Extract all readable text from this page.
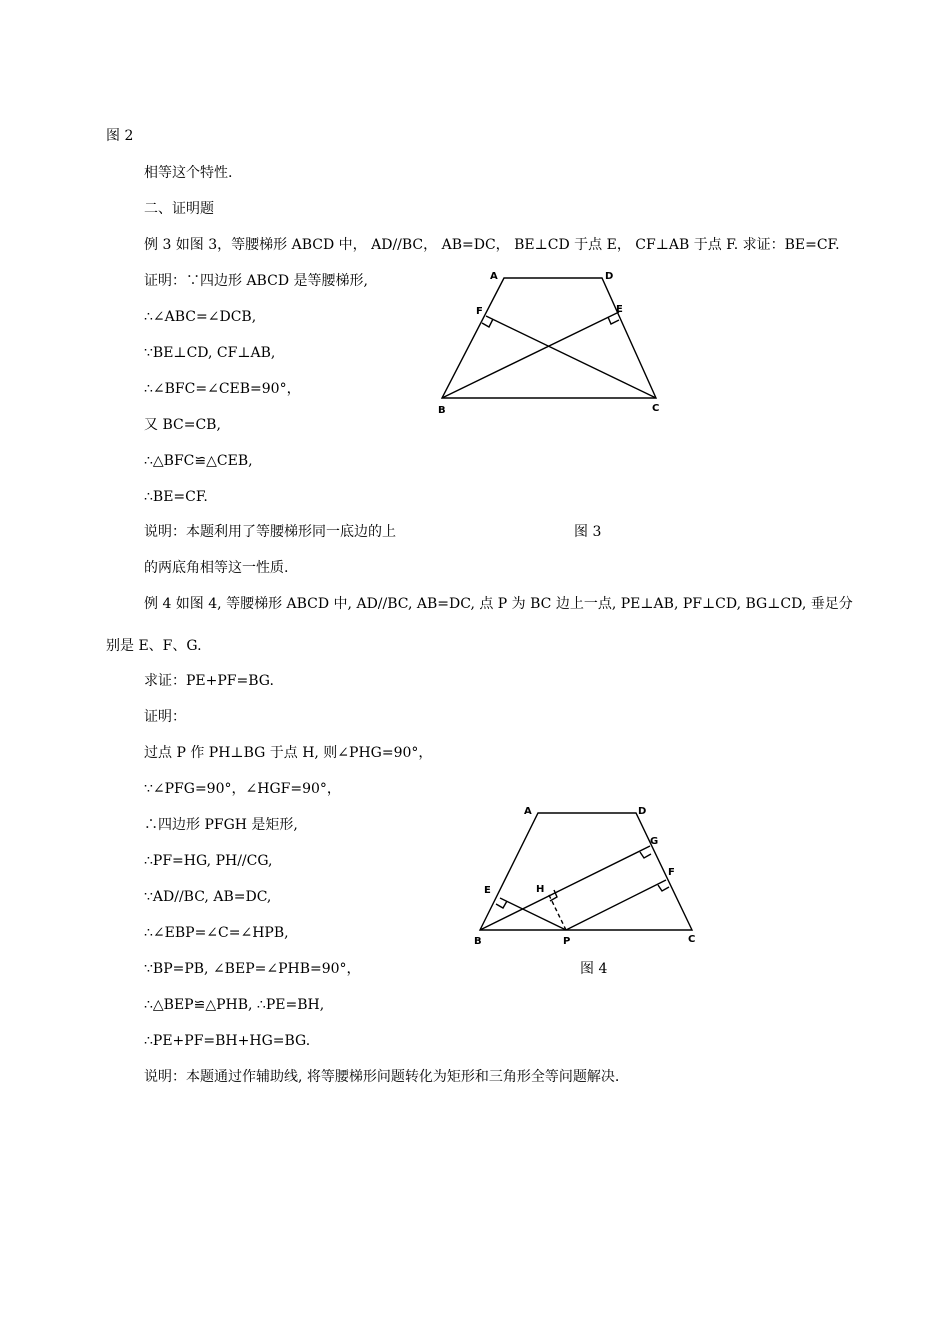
图 2
相等这个特性.
二、证明题
例 3 如图 3，等腰梯形 ABCD 中， AD//BC， AB=DC， BE⊥CD 于点 E， CF⊥AB 于点 F. 求证：BE=CF.
证明：∵四边形 ABCD 是等腰梯形,
∴∠ABC=∠DCB,
∵BE⊥CD, CF⊥AB,
∴∠BFC=∠CEB=90°，
又 BC=CB,
∴△BFC≌△CEB,
∴BE=CF.
说明：本题利用了等腰梯形同一底边的上
的两底角相等这一性质.
例 4 如图 4, 等腰梯形 ABCD 中, AD//BC, AB=DC, 点 P 为 BC 边上一点, PE⊥AB, PF⊥CD, BG⊥CD, 垂足分
别是 E、F、G.
求证：PE+PF=BG.
证明：
过点 P 作 PH⊥BG 于点 H, 则∠PHG=90°，
∵∠PFG=90°，∠HGF=90°，
∴四边形 PFGH 是矩形,
∴PF=HG, PH//CG,
∵AD//BC, AB=DC,
∴∠EBP=∠C=∠HPB,
∵BP=PB, ∠BEP=∠PHB=90°，
∴△BEP≌△PHB, ∴PE=BH,
∴PE+PF=BH+HG=BG.
说明：本题通过作辅助线, 将等腰梯形问题转化为矩形和三角形全等问题解决.
A	D
F	E
B	C
图 3
A	D
G
F
E	H
B	P	C
图 4
